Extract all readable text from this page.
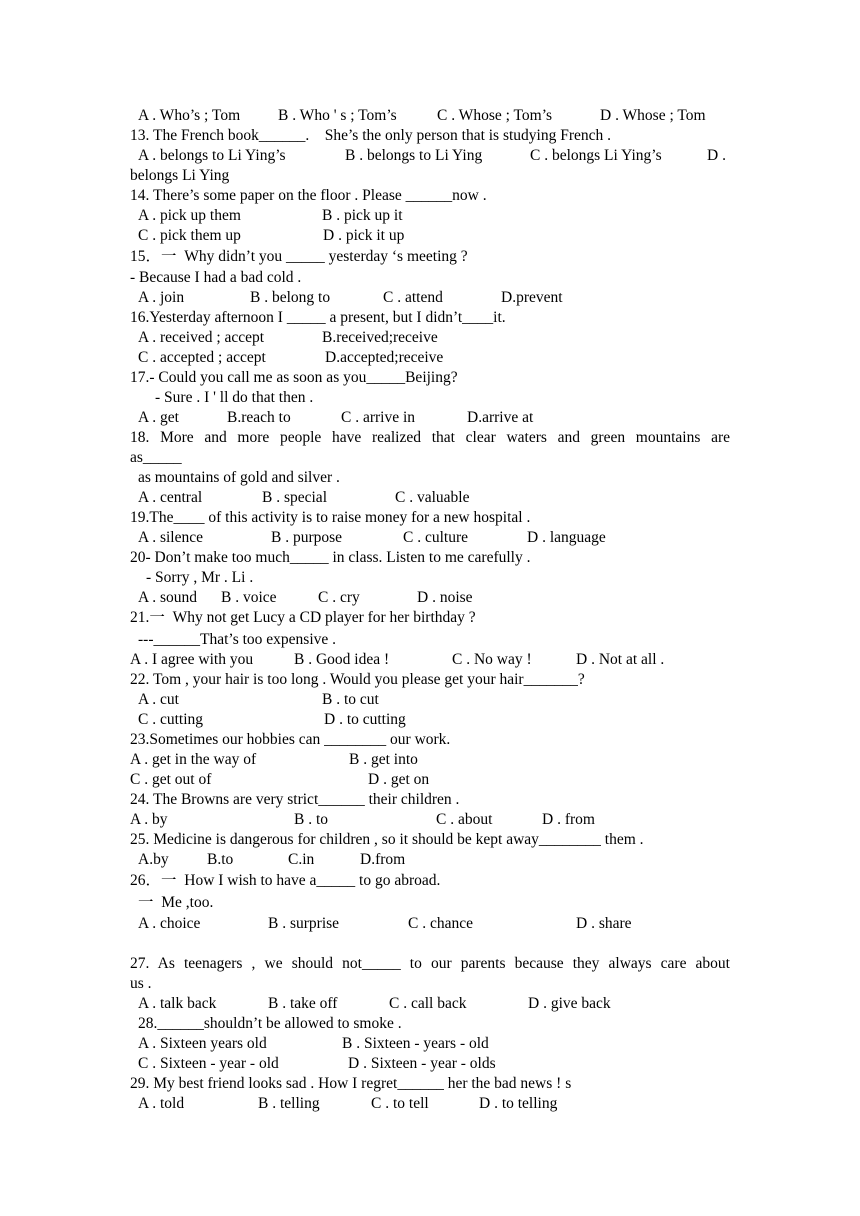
A . Who’s ; Tom B . Who ' s ; Tom’s	C . Whose ; Tom’s	D . Whose ; Tom
13. The French book______.    She’s the only person that is studying French .
A . belongs to Li Ying’s	B . belongs to Li Ying	C . belongs Li Ying’s	D .
belongs Li Ying
14. There’s some paper on the floor . Please ______now .
A . pick up them	B . pick up it
C . pick them up	D . pick it up
15．一  Why didn’t you _____ yesterday ‘s meeting ?
- Because I had a bad cold .
A . join	B . belong to	C . attend	D.prevent
16.Yesterday afternoon I _____ a present, but I didn’t____it.
A . received ; accept	B.received;receive
C . accepted ; accept	D.accepted;receive
17.- Could you call me as soon as you_____Beijing?
- Sure . I ' ll do that then .
A . get	B.reach to	C . arrive in	D.arrive at
18. More and more people have realized that clear waters and green mountains are
as_____
as mountains of gold and silver .
A . central	B . special	C . valuable
19.The____ of this activity is to raise money for a new hospital .
A . silence	B . purpose	C . culture	D . language
20- Don’t make too much_____ in class. Listen to me carefully .
- Sorry , Mr . Li .
A . sound B . voice	C . cry	D . noise
21.一  Why not get Lucy a CD player for her birthday ?
---______That’s too expensive .
A . I agree with you	B . Good idea !	C . No way !	D . Not at all .
22. Tom , your hair is too long . Would you please get your hair_______?
A . cut	B . to cut
C . cutting	D . to cutting
23.Sometimes our hobbies can ________ our work.
A . get in the way of	B . get into
C . get out of	D . get on
24. The Browns are very strict______ their children .
A . by	B . to	C . about	D . from
25. Medicine is dangerous for children , so it should be kept away________ them .
A.by B.to	C.in	D.from
26．一  How I wish to have a_____ to go abroad.
一  Me ,too.
A . choice	B . surprise	C . chance	D . share
27. As teenagers , we should not_____ to our parents because they always care about
us .
A . talk back	B . take off	C . call back	D . give back
28.______shouldn’t be allowed to smoke .
A . Sixteen years old	B . Sixteen - years - old
C . Sixteen - year - old	D . Sixteen - year - olds
29. My best friend looks sad . How I regret______ her the bad news ! s
A . told	B . telling	C . to tell	D . to telling
